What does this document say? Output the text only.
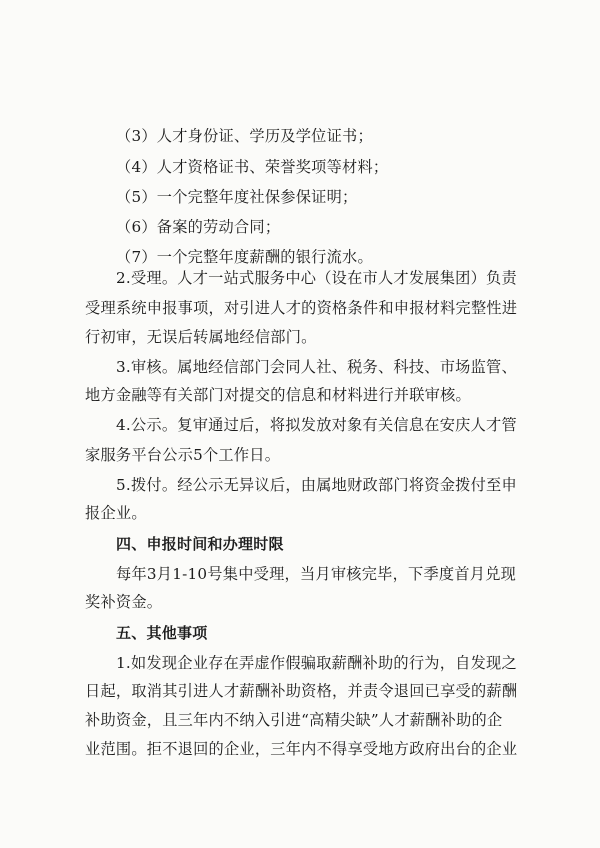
（3）人才身份证、学历及学位证书；
（4）人才资格证书、荣誉奖项等材料；
（5）一个完整年度社保参保证明；
（6）备案的劳动合同；
（7）一个完整年度薪酬的银行流水。
2.受理。人才一站式服务中心（设在市人才发展集团）负责
受理系统申报事项，对引进人才的资格条件和申报材料完整性进
行初审，无误后转属地经信部门。
3.审核。属地经信部门会同人社、税务、科技、市场监管、
地方金融等有关部门对提交的信息和材料进行并联审核。
4.公示。复审通过后，将拟发放对象有关信息在安庆人才管
家服务平台公示5个工作日。
5.拨付。经公示无异议后，由属地财政部门将资金拨付至申
报企业。
四、申报时间和办理时限
每年3月1-10号集中受理，当月审核完毕，下季度首月兑现
奖补资金。
五、其他事项
1.如发现企业存在弄虚作假骗取薪酬补助的行为，自发现之
日起，取消其引进人才薪酬补助资格，并责令退回已享受的薪酬
补助资金，且三年内不纳入引进“高精尖缺”人才薪酬补助的企
业范围。拒不退回的企业，三年内不得享受地方政府出台的企业
